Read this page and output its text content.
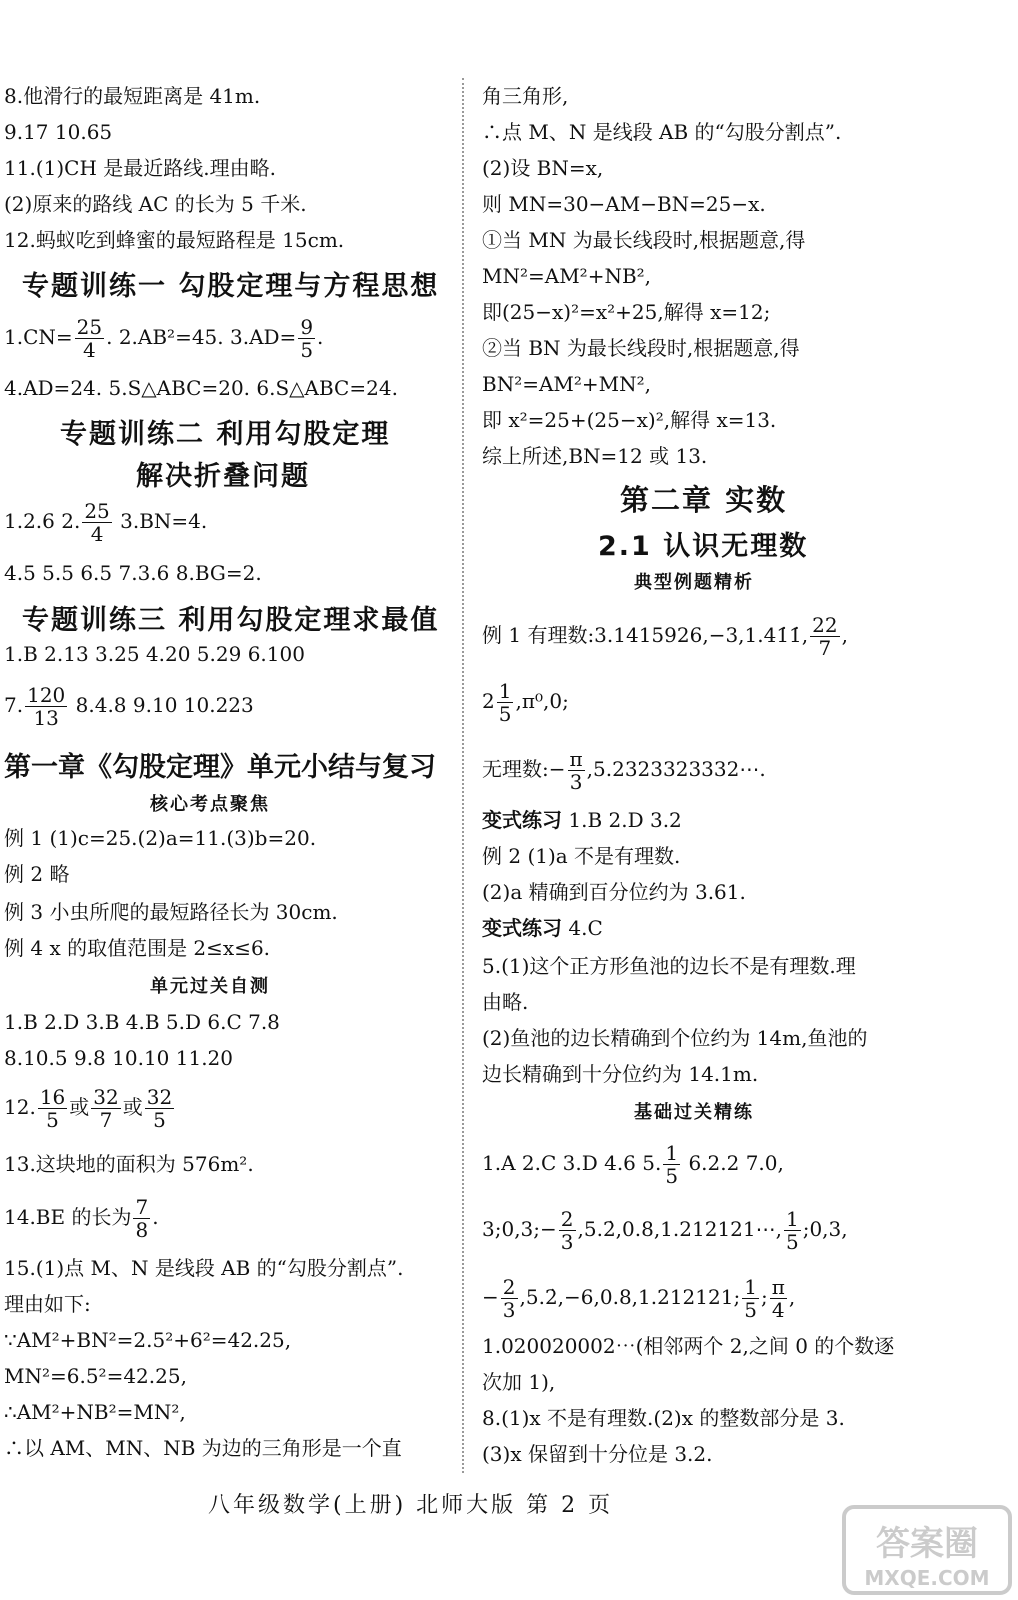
8.他滑行的最短距离是 41m.
9.17 10.65
11.(1)CH 是最近路线.理由略.
(2)原来的路线 AC 的长为 5 千米.
12.蚂蚁吃到蜂蜜的最短路程是 15cm.
专题训练一 勾股定理与方程思想
$1.CN= \frac{25}{4}$ . 2.AB²=45. $3.AD= \frac{9}{5}$ .
4.AD=24. 5.S△ABC=20. 6.S△ABC=24.
专题训练二 利用勾股定理
解决折叠问题
1.2.6 2. $\frac{25}{4} 3.BN=4$.
4.5 5.5 6.5 7.3.6 8.BG=2.
专题训练三 利用勾股定理求最值
1.B 2.13 3.25 4.20 5.29 6.100
7. $\frac{120}{13} 8.4.8$ 9.10 10.223
第一章《勾股定理》单元小结与复习
核心考点聚焦
例 1 (1)c=25.(2)a=11.(3)b=20.
例 2 略
例 3 小虫所爬的最短路径长为 30cm.
例 4 x 的取值范围是 2≤x≤6.
单元过关自测
1.B 2.D 3.B 4.B 5.D 6.C 7.8
8.10.5 9.8 10.10 11.20
12. $\frac{16}{5}$ 或 $\frac{32}{7}$ 或 $\frac{32}{5}$
13.这块地的面积为 576m².
14.BE 的长为 $\frac{7}{8}$ .
15.(1)点 M、N 是线段 AB 的“勾股分割点”.
理由如下:
∵AM²+BN²=2.5²+6²=42.25,
MN²=6.5²=42.25,
∴AM²+NB²=MN²,
∴以 AM、MN、NB 为边的三角形是一个直
角三角形,
∴点 M、N 是线段 AB 的“勾股分割点”.
(2)设 BN=x,
则 MN=30−AM−BN=25−x.
①当 MN 为最长线段时,根据题意,得
MN²=AM²+NB²,
即(25−x)²=x²+25,解得 x=12;
②当 BN 为最长线段时,根据题意,得
BN²=AM²+MN²,
即 x²=25+(25−x)²,解得 x=13.
综上所述,BN=12 或 13.
第二章 实数
2.1 认识无理数
典型例题精析
例 1 有理数:3.1415926,−3,1.41̇1̇, $\frac{22}{7}$ ,
$2 \frac{1}{5} ,\pi^0,0$;
无理数:− $\frac{\pi}{3}$ ,5.2323323332⋯.
变式练习 1.B 2.D 3.2
例 2 (1)a 不是有理数.
(2)a 精确到百分位约为 3.61.
变式练习 4.C
5.(1)这个正方形鱼池的边长不是有理数.理
由略.
(2)鱼池的边长精确到个位约为 14m,鱼池的
边长精确到十分位约为 14.1m.
基础过关精练
1.A 2.C 3.D 4.6 5. $\frac{1}{5} 6.2.2$ 7.0,
3;0,3;− $\frac{2}{3}$ ,5.2̇,0.8,1.212121⋯, $\frac{1}{5}$ ;0,3,
− $\frac{2}{3}$ ,5.2̇,−6,0.8,1.212121; $\frac{1}{5}$ ; $\frac{\pi}{4}$ ,
1.020020002⋯(相邻两个 2,之间 0 的个数逐
次加 1),
8.(1)x 不是有理数.(2)x 的整数部分是 3.
(3)x 保留到十分位是 3.2.
八年级数学(上册) 北师大版 第 2 页
答案圈
MXQE.COM
